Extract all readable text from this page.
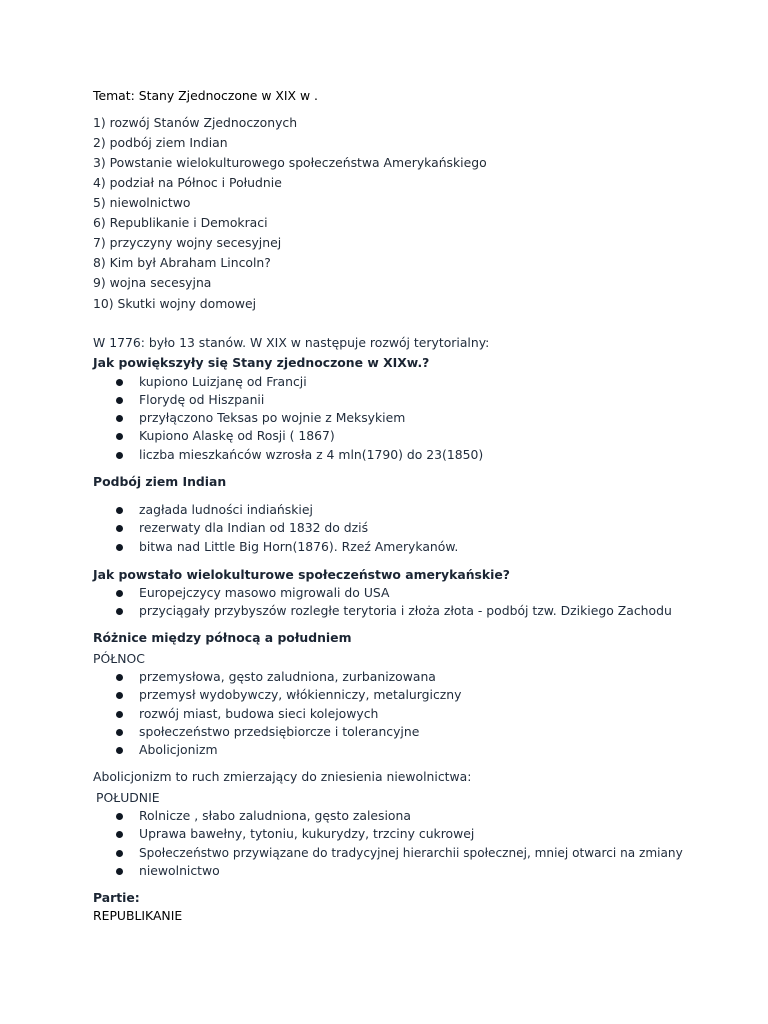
Temat: Stany Zjednoczone w XIX w .
1) rozwój Stanów Zjednoczonych
2) podbój ziem Indian
3) Powstanie wielokulturowego społeczeństwa Amerykańskiego
4) podział na Północ i Południe
5) niewolnictwo
6) Republikanie i Demokraci
7) przyczyny wojny secesyjnej
8) Kim był Abraham Lincoln?
9) wojna secesyjna
10) Skutki wojny domowej
W 1776: było 13 stanów. W XIX w następuje rozwój terytorialny:
Jak powiększyły się Stany zjednoczone w XIXw.?
kupiono Luizjanę od Francji
Florydę od Hiszpanii
przyłączono Teksas po wojnie z Meksykiem
Kupiono Alaskę od Rosji ( 1867)
liczba mieszkańców wzrosła z 4 mln(1790) do 23(1850)
Podbój ziem Indian
zagłada ludności indiańskiej
rezerwaty dla Indian od 1832 do dziś
bitwa nad Little Big Horn(1876). Rzeź Amerykanów.
Jak powstało wielokulturowe społeczeństwo amerykańskie?
Europejczycy masowo migrowali do USA
przyciągały przybyszów rozległe terytoria i złoża złota - podbój tzw. Dzikiego Zachodu
Różnice między północą a południem
PÓŁNOC
przemysłowa, gęsto zaludniona, zurbanizowana
przemysł wydobywczy, włókienniczy, metalurgiczny
rozwój miast, budowa sieci kolejowych
społeczeństwo przedsiębiorcze i tolerancyjne
Abolicjonizm
Abolicjonizm to ruch zmierzający do zniesienia niewolnictwa:
POŁUDNIE
Rolnicze , słabo zaludniona, gęsto zalesiona
Uprawa bawełny, tytoniu, kukurydzy, trzciny cukrowej
Społeczeństwo przywiązane do tradycyjnej hierarchii społecznej, mniej otwarci na zmiany
niewolnictwo
Partie:
REPUBLIKANIE
